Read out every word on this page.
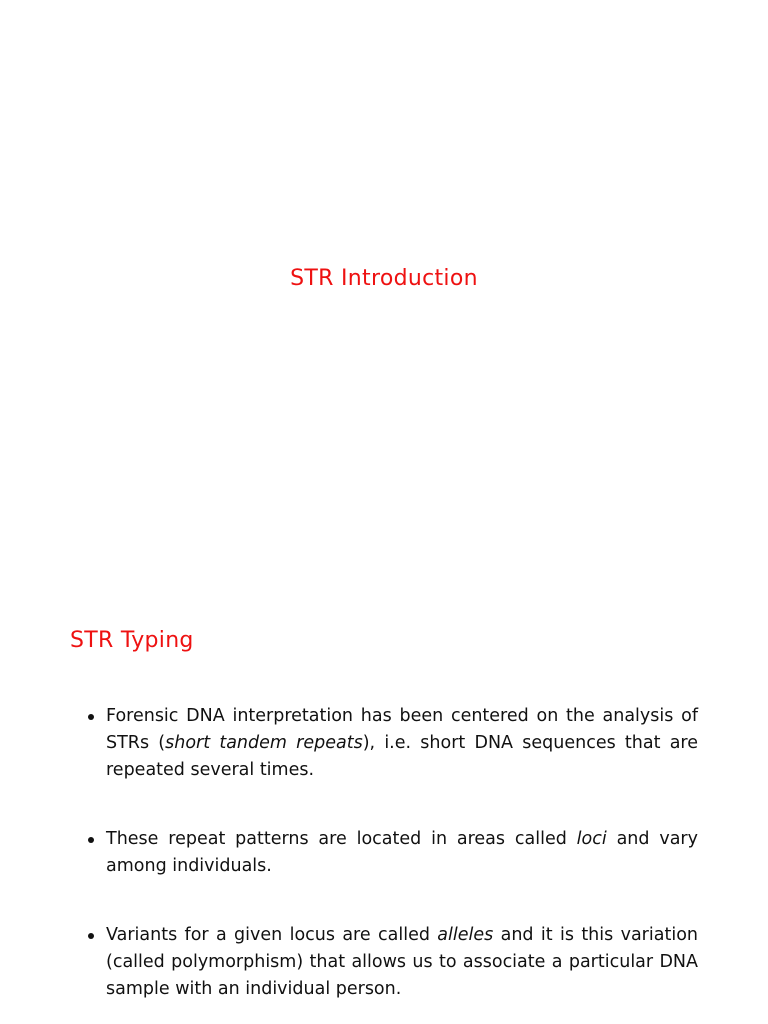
STR Introduction
STR Typing
Forensic DNA interpretation has been centered on the analysis of STRs (short tandem repeats), i.e. short DNA sequences that are repeated several times.
These repeat patterns are located in areas called loci and vary among individuals.
Variants for a given locus are called alleles and it is this variation (called polymorphism) that allows us to associate a particular DNA sample with an individual person.
